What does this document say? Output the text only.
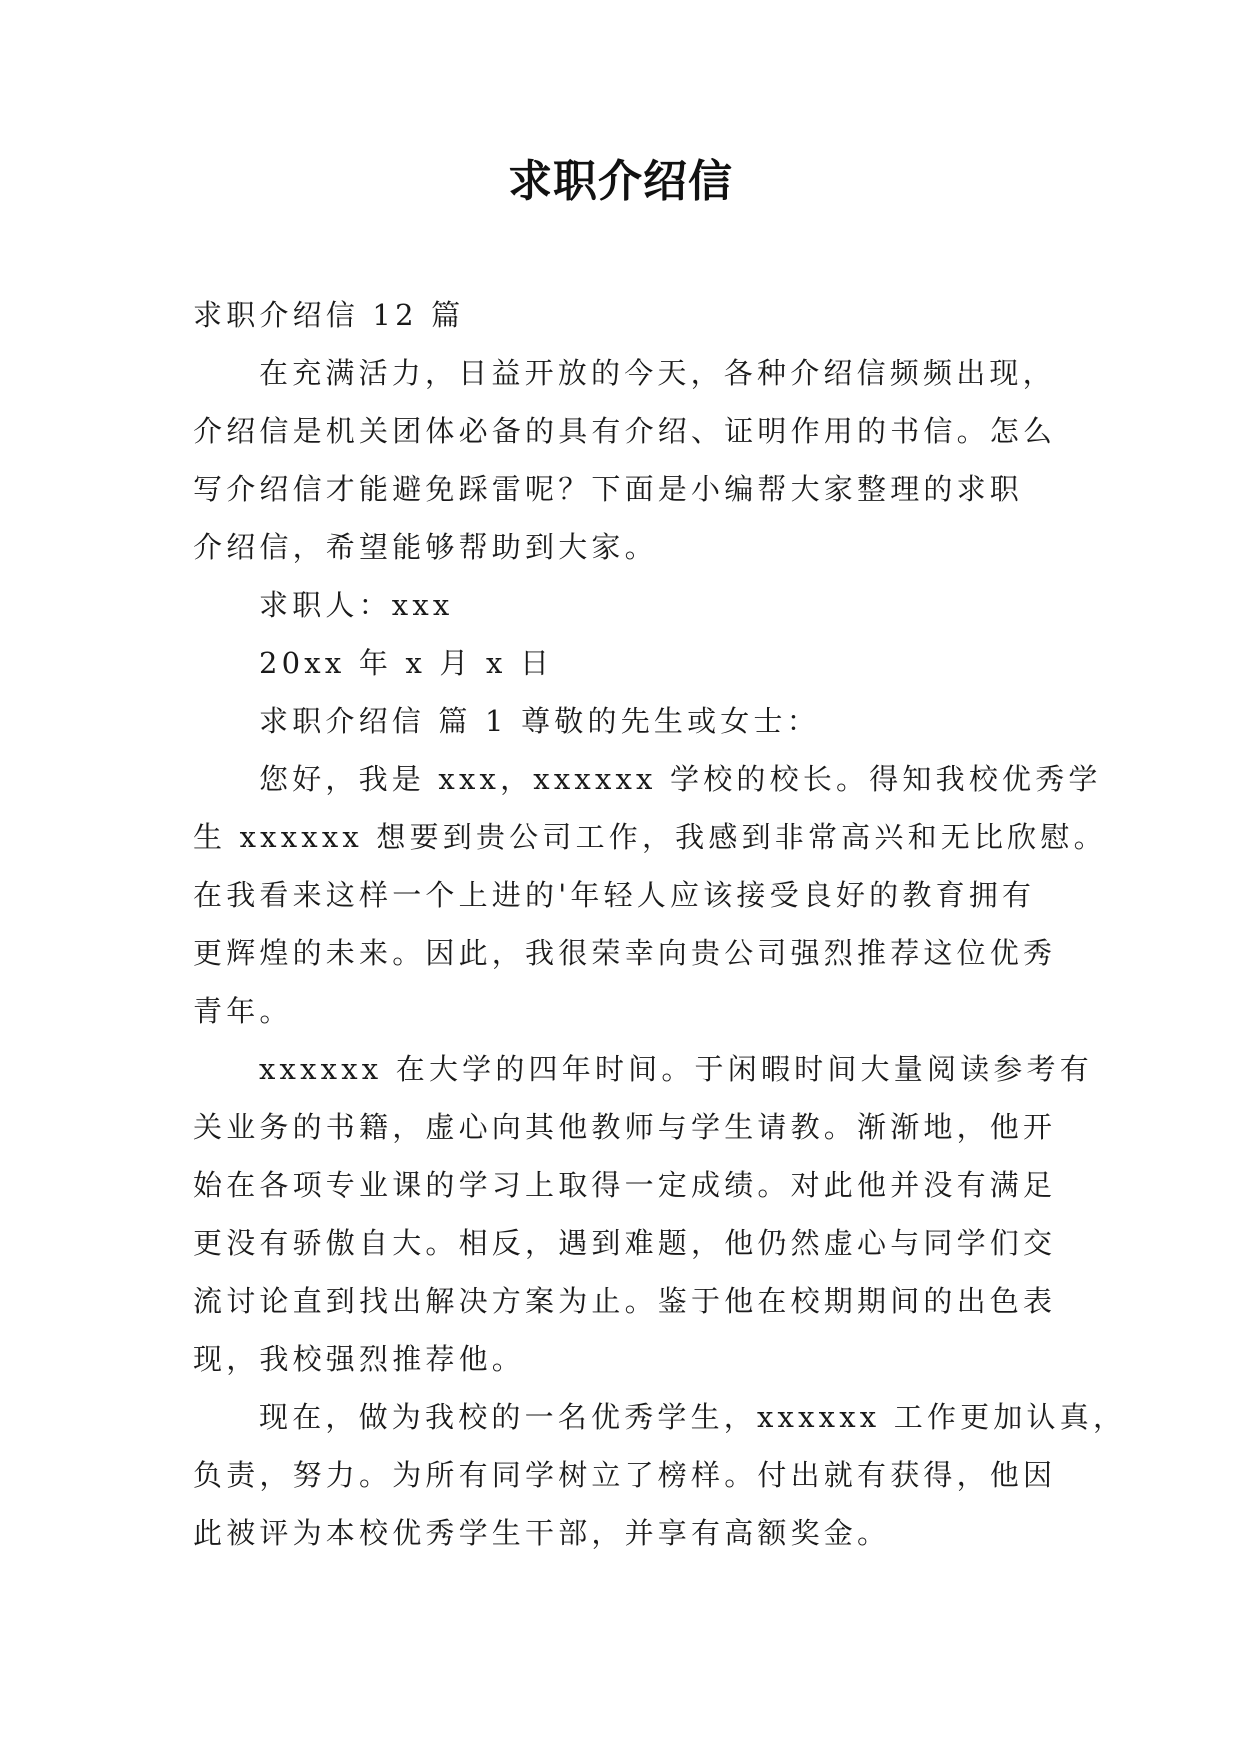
求职介绍信
求职介绍信 12 篇
在充满活力，日益开放的今天，各种介绍信频频出现，
介绍信是机关团体必备的具有介绍、证明作用的书信。怎么
写介绍信才能避免踩雷呢？下面是小编帮大家整理的求职
介绍信，希望能够帮助到大家。
求职人：xxx
20xx 年 x 月 x 日
求职介绍信 篇 1 尊敬的先生或女士：
您好，我是 xxx，xxxxxx 学校的校长。得知我校优秀学
生 xxxxxx 想要到贵公司工作，我感到非常高兴和无比欣慰。
在我看来这样一个上进的'年轻人应该接受良好的教育拥有
更辉煌的未来。因此，我很荣幸向贵公司强烈推荐这位优秀
青年。
xxxxxx 在大学的四年时间。于闲暇时间大量阅读参考有
关业务的书籍，虚心向其他教师与学生请教。渐渐地，他开
始在各项专业课的学习上取得一定成绩。对此他并没有满足
更没有骄傲自大。相反，遇到难题，他仍然虚心与同学们交
流讨论直到找出解决方案为止。鉴于他在校期期间的出色表
现，我校强烈推荐他。
现在，做为我校的一名优秀学生，xxxxxx 工作更加认真，
负责，努力。为所有同学树立了榜样。付出就有获得，他因
此被评为本校优秀学生干部，并享有高额奖金。
